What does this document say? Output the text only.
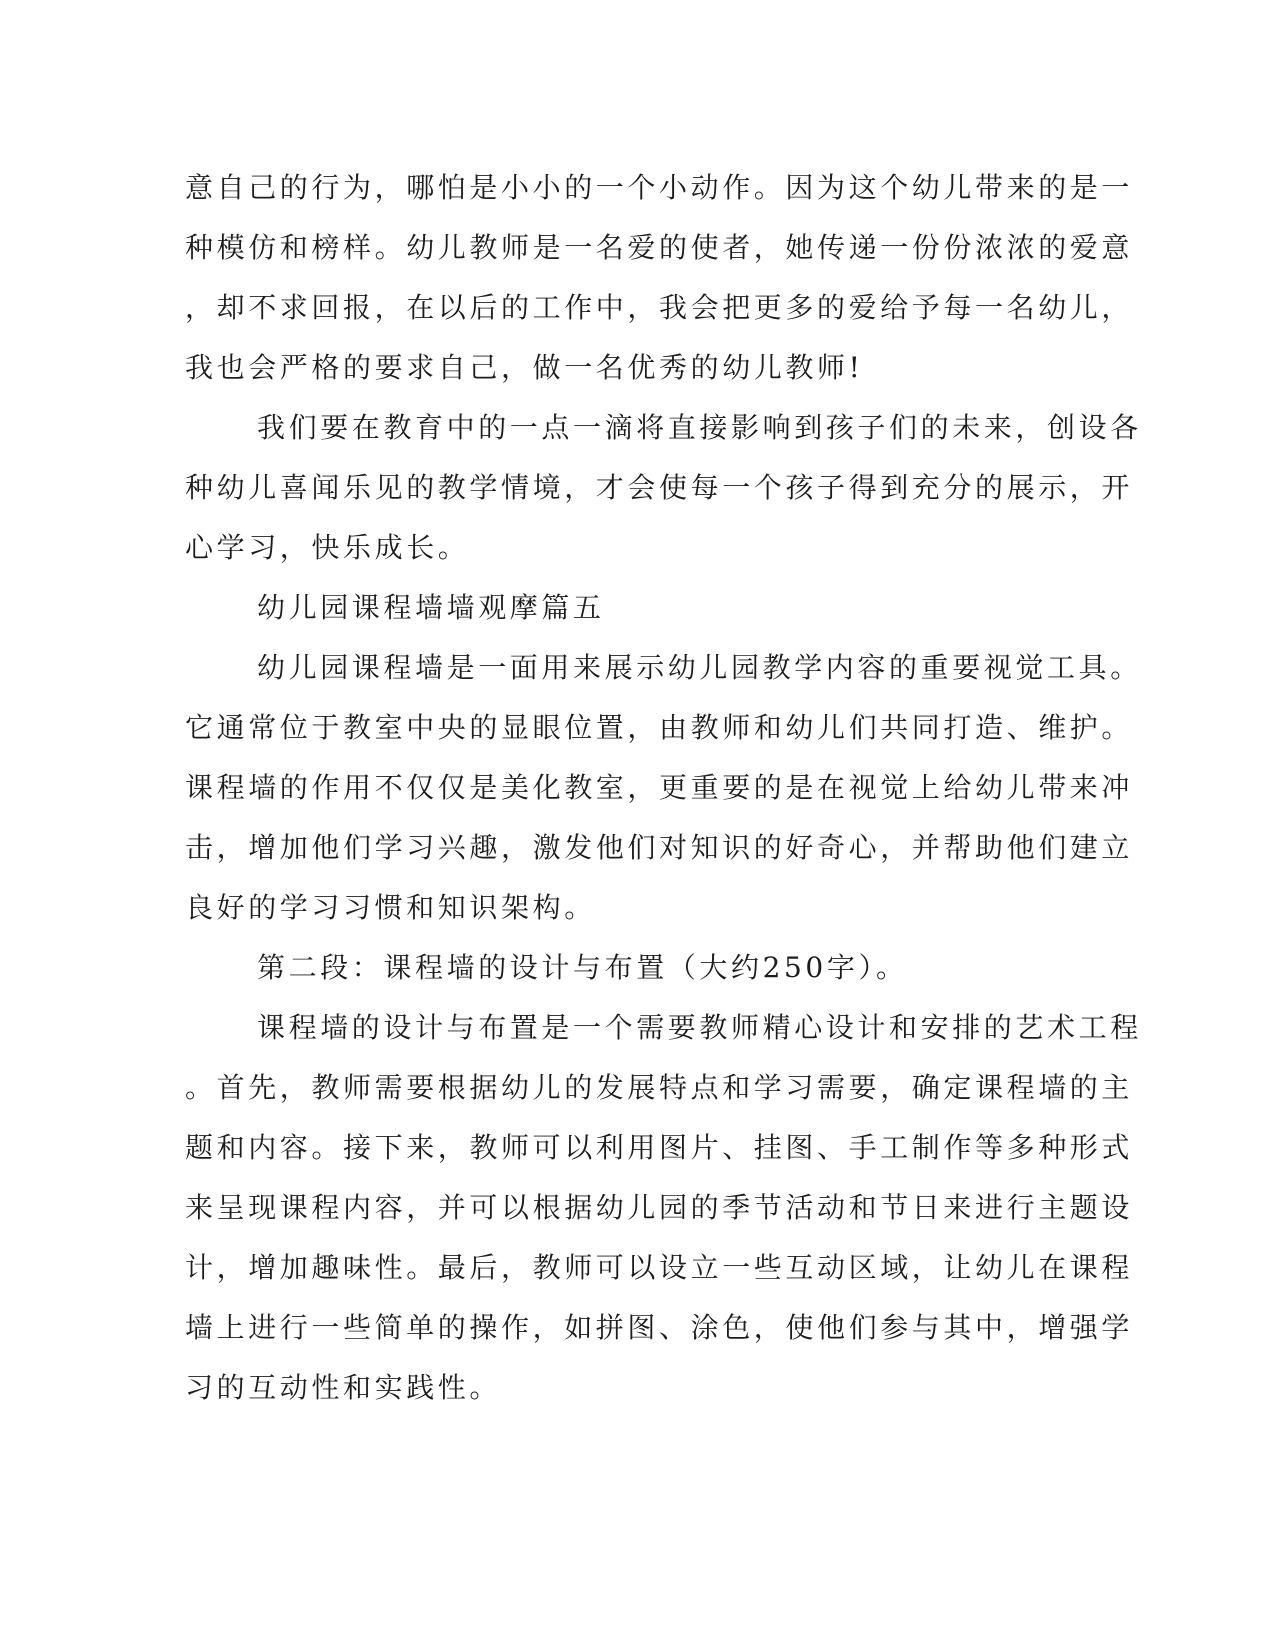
意自己的行为，哪怕是小小的一个小动作。因为这个幼儿带来的是一
种模仿和榜样。幼儿教师是一名爱的使者，她传递一份份浓浓的爱意
，却不求回报，在以后的工作中，我会把更多的爱给予每一名幼儿，
我也会严格的要求自己，做一名优秀的幼儿教师!
我们要在教育中的一点一滴将直接影响到孩子们的未来，创设各
种幼儿喜闻乐见的教学情境，才会使每一个孩子得到充分的展示，开
心学习，快乐成长。
幼儿园课程墙墙观摩篇五
幼儿园课程墙是一面用来展示幼儿园教学内容的重要视觉工具。
它通常位于教室中央的显眼位置，由教师和幼儿们共同打造、维护。
课程墙的作用不仅仅是美化教室，更重要的是在视觉上给幼儿带来冲
击，增加他们学习兴趣，激发他们对知识的好奇心，并帮助他们建立
良好的学习习惯和知识架构。
第二段：课程墙的设计与布置（大约250字）。
课程墙的设计与布置是一个需要教师精心设计和安排的艺术工程
。首先，教师需要根据幼儿的发展特点和学习需要，确定课程墙的主
题和内容。接下来，教师可以利用图片、挂图、手工制作等多种形式
来呈现课程内容，并可以根据幼儿园的季节活动和节日来进行主题设
计，增加趣味性。最后，教师可以设立一些互动区域，让幼儿在课程
墙上进行一些简单的操作，如拼图、涂色，使他们参与其中，增强学
习的互动性和实践性。
